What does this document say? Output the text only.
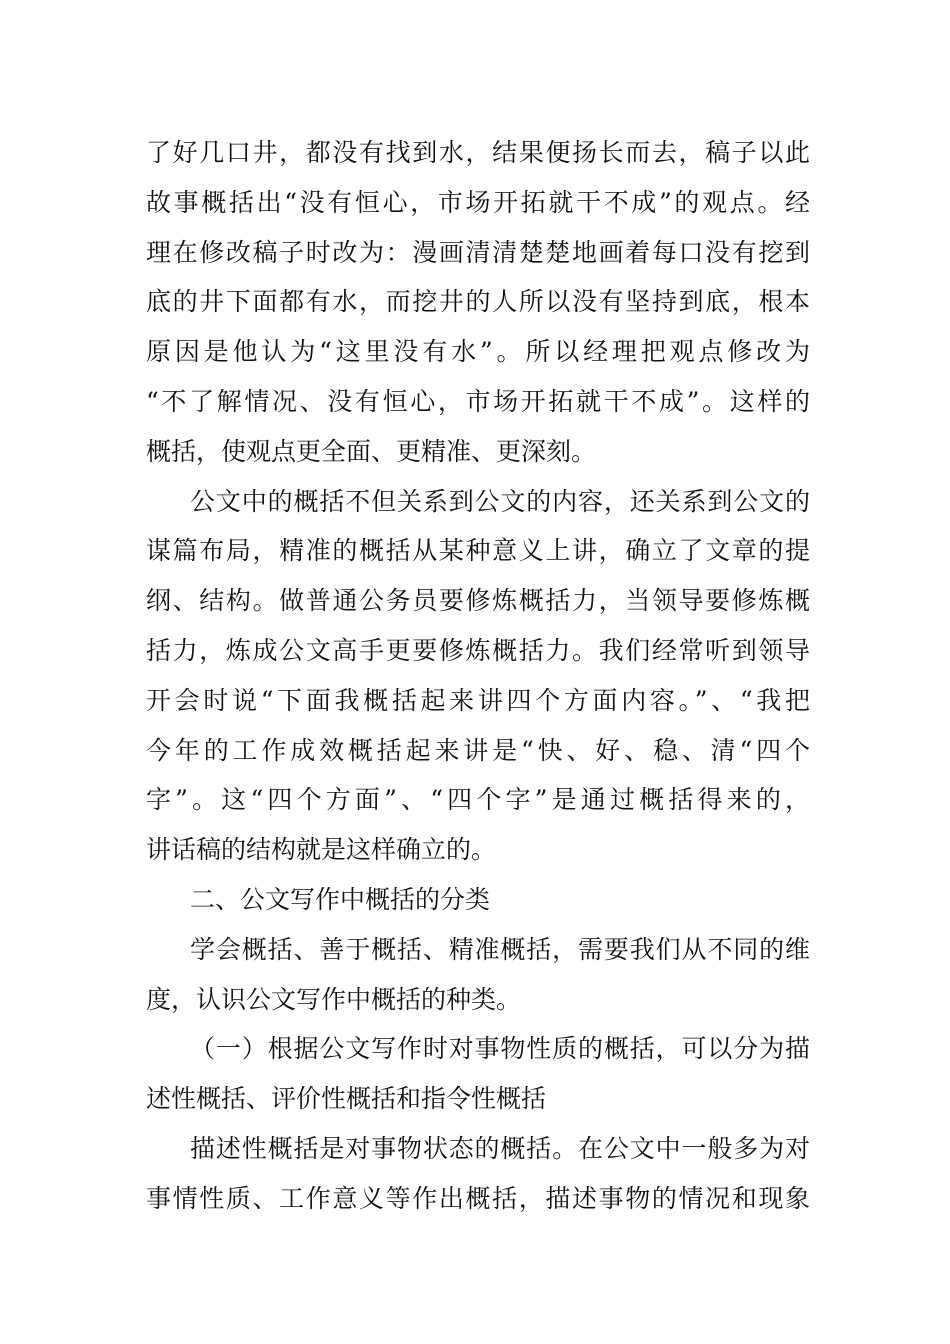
了好几口井，都没有找到水，结果便扬长而去，稿子以此
故事概括出“没有恒心，市场开拓就干不成”的观点。经
理在修改稿子时改为：漫画清清楚楚地画着每口没有挖到
底的井下面都有水，而挖井的人所以没有坚持到底，根本
原因是他认为“这里没有水”。所以经理把观点修改为
“不了解情况、没有恒心，市场开拓就干不成”。这样的
概括，使观点更全面、更精准、更深刻。
公文中的概括不但关系到公文的内容，还关系到公文的
谋篇布局，精准的概括从某种意义上讲，确立了文章的提
纲、结构。做普通公务员要修炼概括力，当领导要修炼概
括力，炼成公文高手更要修炼概括力。我们经常听到领导
开会时说“下面我概括起来讲四个方面内容。”、“我把
今年的工作成效概括起来讲是“快、好、稳、清“四个
字”。这“四个方面”、“四个字”是通过概括得来的，
讲话稿的结构就是这样确立的。
二、公文写作中概括的分类
学会概括、善于概括、精准概括，需要我们从不同的维
度，认识公文写作中概括的种类。
（一）根据公文写作时对事物性质的概括，可以分为描
述性概括、评价性概括和指令性概括
描述性概括是对事物状态的概括。在公文中一般多为对
事情性质、工作意义等作出概括，描述事物的情况和现象
